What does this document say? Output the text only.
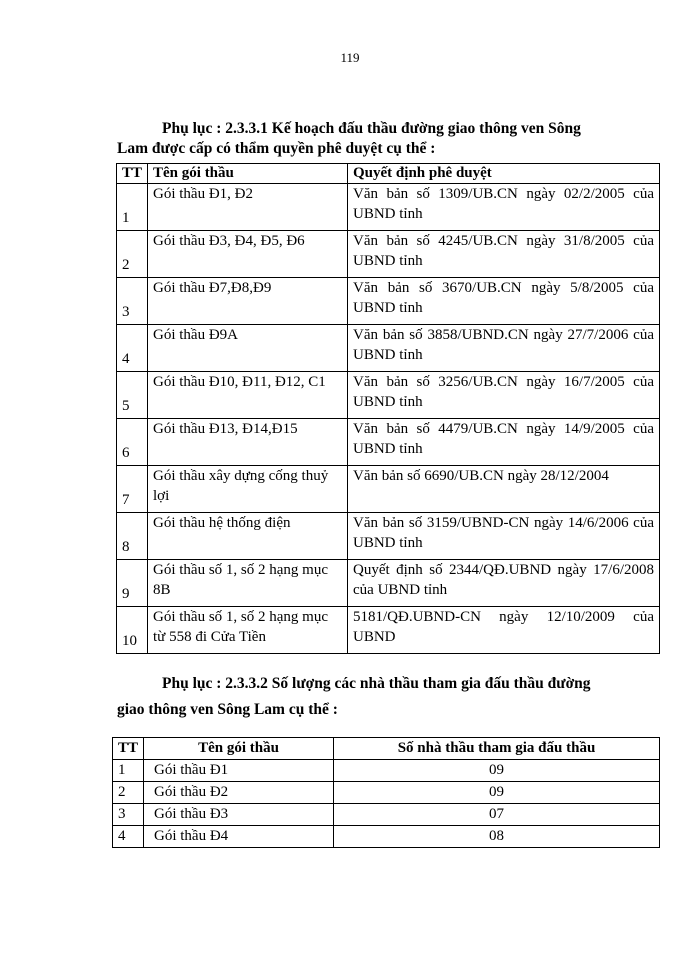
119
Phụ lục : 2.3.3.1 Kế hoạch đấu thầu đường giao thông ven Sông
Lam được cấp có thẩm quyền phê duyệt cụ thể :
TT	Tên gói thầu	Quyết định phê duyệt
1	Gói thầu Đ1, Đ2	Văn bản số 1309/UB.CN ngày 02/2/2005 của UBND tỉnh
2	Gói thầu Đ3, Đ4, Đ5, Đ6	Văn bản số 4245/UB.CN ngày 31/8/2005 của UBND tỉnh
3	Gói thầu Đ7,Đ8,Đ9	Văn bản số 3670/UB.CN ngày 5/8/2005 của UBND tỉnh
4	Gói thầu Đ9A	Văn bản số 3858/UBND.CN ngày 27/7/2006 của UBND tỉnh
5	Gói thầu Đ10, Đ11, Đ12, C1	Văn bản số 3256/UB.CN ngày 16/7/2005 của UBND tỉnh
6	Gói thầu Đ13, Đ14,Đ15	Văn bản số 4479/UB.CN ngày 14/9/2005 của UBND tỉnh
7	Gói thầu xây dựng cống thuỷ lợi	Văn bản số 6690/UB.CN ngày 28/12/2004
8	Gói thầu hệ thống điện	Văn bản số 3159/UBND-CN ngày 14/6/2006 của UBND tỉnh
9	Gói thầu số 1, số 2 hạng mục 8B	Quyết định số 2344/QĐ.UBND ngày 17/6/2008 của UBND tỉnh
10	Gói thầu số 1, số 2 hạng mục từ 558 đi Cửa Tiền	5181/QĐ.UBND-CN ngày 12/10/2009 của UBND
Phụ lục : 2.3.3.2 Số lượng các nhà thầu tham gia đấu thầu đường
giao thông ven Sông Lam cụ thể :
TT	Tên gói thầu	Số nhà thầu tham gia đấu thầu
1	Gói thầu Đ1	09
2	Gói thầu Đ2	09
3	Gói thầu Đ3	07
4	Gói thầu Đ4	08
